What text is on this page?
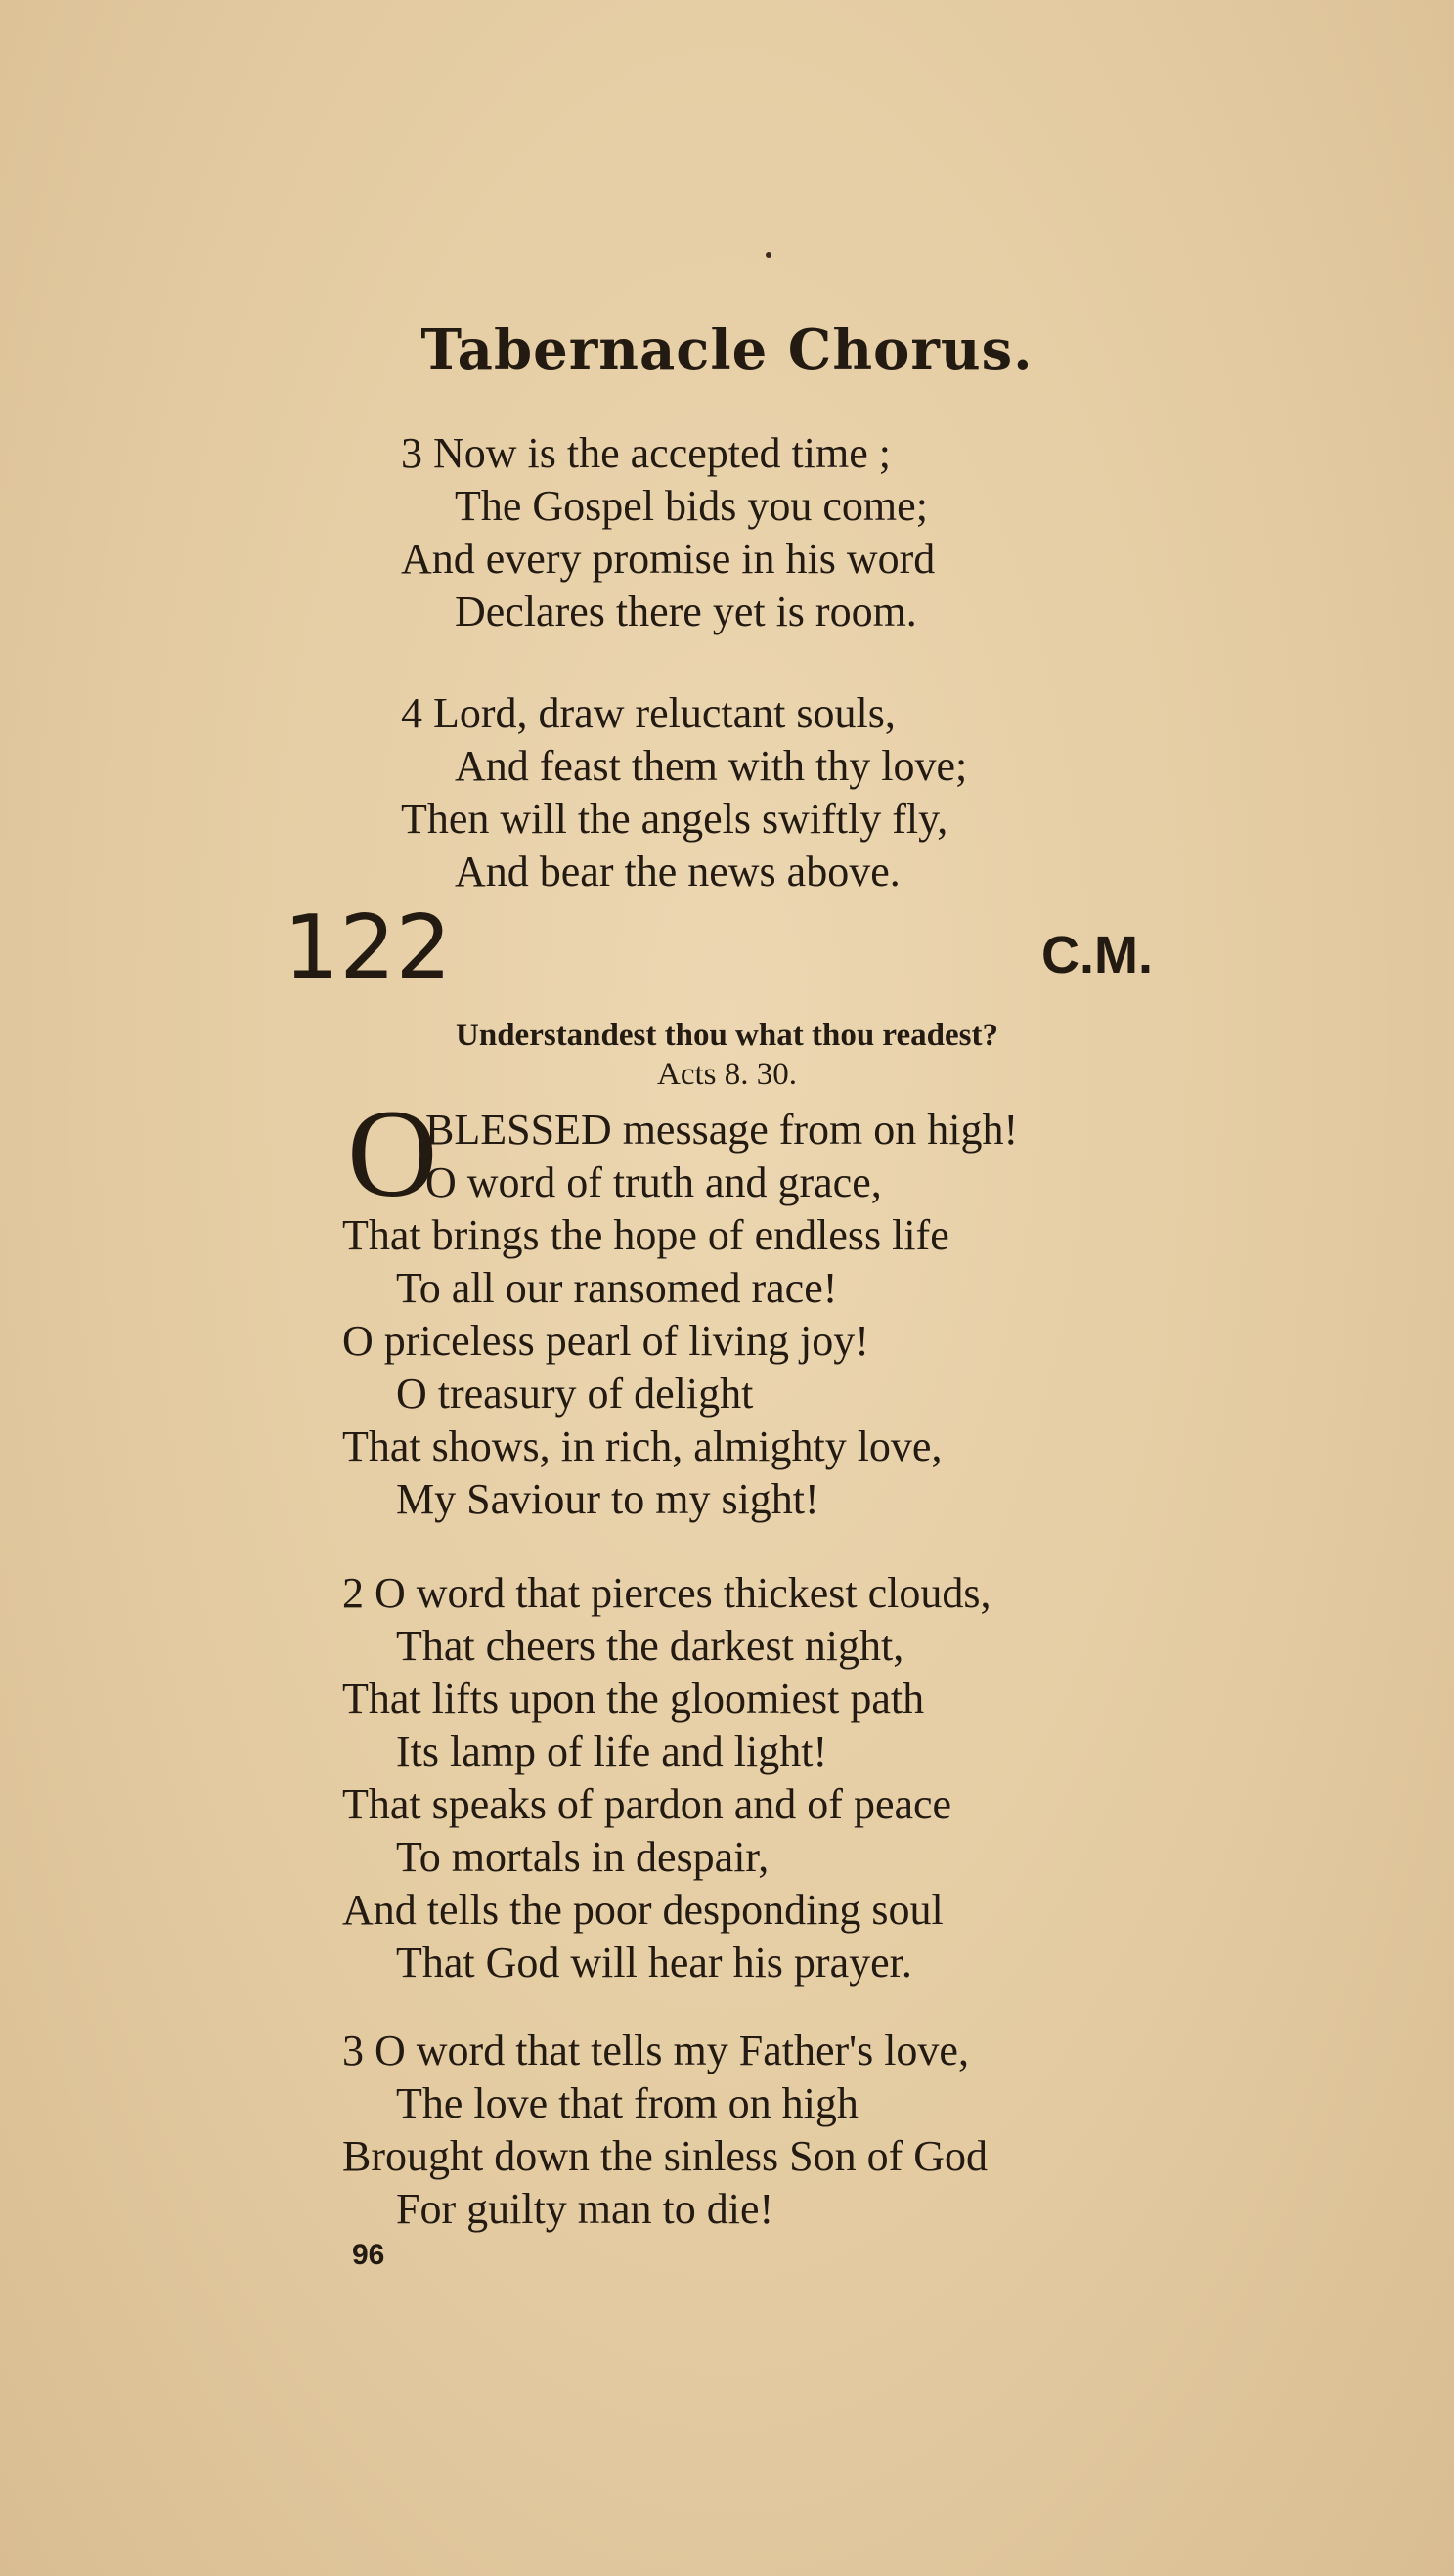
Tabernacle Chorus.
3 Now is the accepted time ;
The Gospel bids you come;
And every promise in his word
Declares there yet is room.
4 Lord, draw reluctant souls,
And feast them with thy love;
Then will the angels swiftly fly,
And bear the news above.
122	C.M.
Understandest thou what thou readest?
Acts 8. 30.
O
BLESSED message from on high!
O word of truth and grace,
That brings the hope of endless life
To all our ransomed race!
O priceless pearl of living joy!
O treasury of delight
That shows, in rich, almighty love,
My Saviour to my sight!
2 O word that pierces thickest clouds,
That cheers the darkest night,
That lifts upon the gloomiest path
Its lamp of life and light!
That speaks of pardon and of peace
To mortals in despair,
And tells the poor desponding soul
That God will hear his prayer.
3 O word that tells my Father's love,
The love that from on high
Brought down the sinless Son of God
For guilty man to die!
96
